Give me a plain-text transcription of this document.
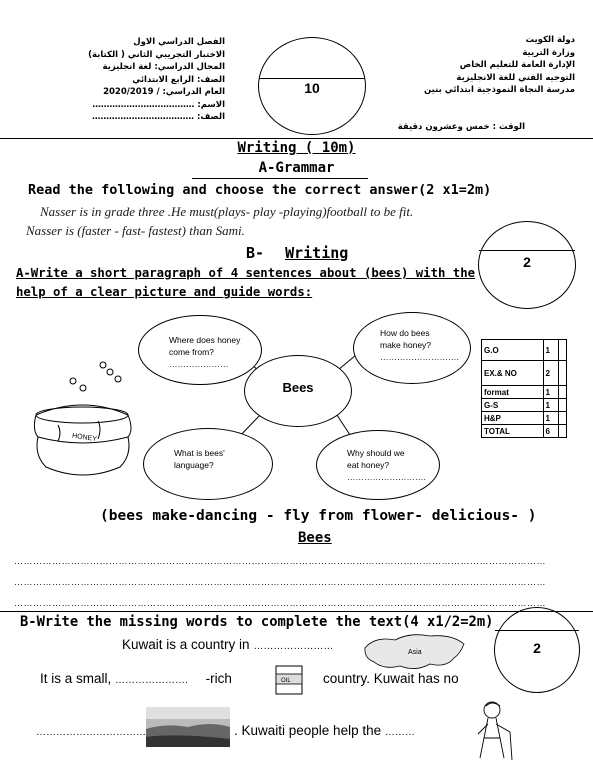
دولة الكويت
وزارة التربية
الإدارة العامة للتعليم الخاص
التوجيه الفني للغة الانجليزية
مدرسة النجاة النموذجية ابتدائي بنين
الفصل الدراسي الاول
الاختبار التجريبي الثاني ( الكتابة)
المجال الدراسي: لغة انجليزية
الصف: الرابع الابتدائي
العام الدراسي: / 2020/2019
الاسم: ………………………………
الصف: ………………………………
الوقت : خمس وعشرون دقيقة
10
Writing ( 10m)
A-Grammar
Read the following and choose the correct answer(2 x1=2m)
Nasser is in grade three .He must(plays- play -playing)football to be fit.
Nasser is (faster - fast- fastest) than Sami.
2
B- Writing
A-Write a short paragraph of 4 sentences about (bees) with the
help of a clear picture and guide words:
Where does honey
come from?
…………………
How do bees
make honey?
……………………….
Bees
What is bees'
language?
Why should we
eat honey?
……………………….
HONEY
G.O	1	
EX.& NO	2	
format	1	
G-S	1	
H&P	1	
TOTAL	6	
(bees make-dancing - fly from flower- delicious- )
Bees
……………………………………………………………………………………………………………………………………………………
……………………………………………………………………………………………………………………………………………………
……………………………………………………………………………………………………………………………………………………
B-Write the missing words to complete the text(4 x1/2=2m)
2
Kuwait is a country in ……………………
Asia
It is a small, …………………. -rich	OIL country. Kuwait has no
……………………………	. Kuwaiti people help the ………
